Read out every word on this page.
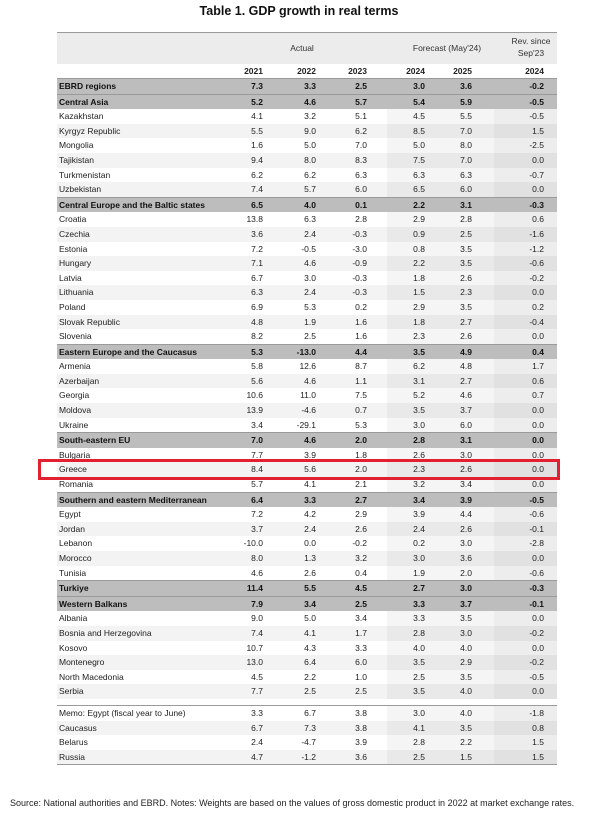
Table 1. GDP growth in real terms
Actual	Forecast (May'24)
Rev. since
Sep'23
2021	2022	2023	2024	2025	2024
EBRD regions	7.3	3.3	2.5	3.0	3.6	-0.2
Central Asia	5.2	4.6	5.7	5.4	5.9	-0.5
Kazakhstan	4.1	3.2	5.1	4.5	5.5	-0.5
Kyrgyz Republic	5.5	9.0	6.2	8.5	7.0	1.5
Mongolia	1.6	5.0	7.0	5.0	8.0	-2.5
Tajikistan	9.4	8.0	8.3	7.5	7.0	0.0
Turkmenistan	6.2	6.2	6.3	6.3	6.3	-0.7
Uzbekistan	7.4	5.7	6.0	6.5	6.0	0.0
Central Europe and the Baltic states	6.5	4.0	0.1	2.2	3.1	-0.3
Croatia	13.8	6.3	2.8	2.9	2.8	0.6
Czechia	3.6	2.4	-0.3	0.9	2.5	-1.6
Estonia	7.2	-0.5	-3.0	0.8	3.5	-1.2
Hungary	7.1	4.6	-0.9	2.2	3.5	-0.6
Latvia	6.7	3.0	-0.3	1.8	2.6	-0.2
Lithuania	6.3	2.4	-0.3	1.5	2.3	0.0
Poland	6.9	5.3	0.2	2.9	3.5	0.2
Slovak Republic	4.8	1.9	1.6	1.8	2.7	-0.4
Slovenia	8.2	2.5	1.6	2.3	2.6	0.0
Eastern Europe and the Caucasus	5.3	-13.0	4.4	3.5	4.9	0.4
Armenia	5.8	12.6	8.7	6.2	4.8	1.7
Azerbaijan	5.6	4.6	1.1	3.1	2.7	0.6
Georgia	10.6	11.0	7.5	5.2	4.6	0.7
Moldova	13.9	-4.6	0.7	3.5	3.7	0.0
Ukraine	3.4	-29.1	5.3	3.0	6.0	0.0
South-eastern EU	7.0	4.6	2.0	2.8	3.1	0.0
Bulgaria	7.7	3.9	1.8	2.6	3.0	0.0
Greece	8.4	5.6	2.0	2.3	2.6	0.0
Romania	5.7	4.1	2.1	3.2	3.4	0.0
Southern and eastern Mediterranean	6.4	3.3	2.7	3.4	3.9	-0.5
Egypt	7.2	4.2	2.9	3.9	4.4	-0.6
Jordan	3.7	2.4	2.6	2.4	2.6	-0.1
Lebanon	-10.0	0.0	-0.2	0.2	3.0	-2.8
Morocco	8.0	1.3	3.2	3.0	3.6	0.0
Tunisia	4.6	2.6	0.4	1.9	2.0	-0.6
Turkiye	11.4	5.5	4.5	2.7	3.0	-0.3
Western Balkans	7.9	3.4	2.5	3.3	3.7	-0.1
Albania	9.0	5.0	3.4	3.3	3.5	0.0
Bosnia and Herzegovina	7.4	4.1	1.7	2.8	3.0	-0.2
Kosovo	10.7	4.3	3.3	4.0	4.0	0.0
Montenegro	13.0	6.4	6.0	3.5	2.9	-0.2
North Macedonia	4.5	2.2	1.0	2.5	3.5	-0.5
Serbia	7.7	2.5	2.5	3.5	4.0	0.0
Memo: Egypt (fiscal year to June)	3.3	6.7	3.8	3.0	4.0	-1.8
Caucasus	6.7	7.3	3.8	4.1	3.5	0.8
Belarus	2.4	-4.7	3.9	2.8	2.2	1.5
Russia	4.7	-1.2	3.6	2.5	1.5	1.5
Source: National authorities and EBRD. Notes: Weights are based on the values of gross domestic product in 2022 at market exchange rates.
